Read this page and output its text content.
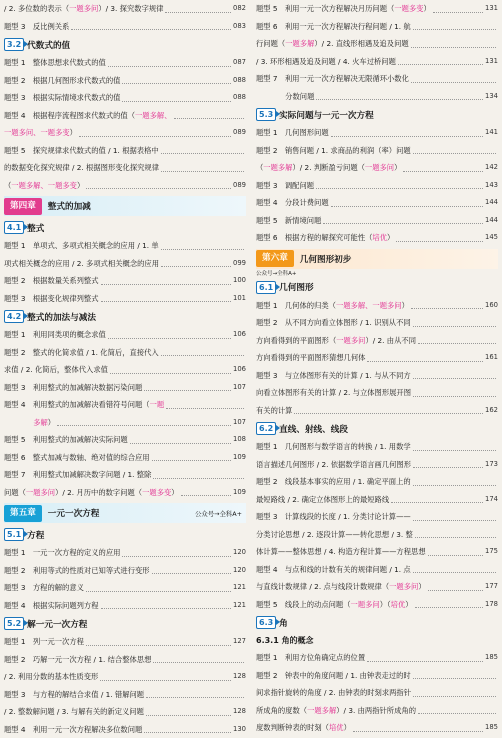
/ 2. 多位数的表示（一题多问）/ 3. 探究数字规律	082
题型 3　反比例关系	083
3.2 代数式的值
题型 1　整体思想求代数式的值	087
题型 2　根据几何图形求代数式的值	088
题型 3　根据实际情境求代数式的值	088
题型 4　根据程序流程图求代数式的值（一题多解、
一题多问、一题多变）	089
题型 5　探究规律求代数式的值 / 1. 根据表格中
的数据变化探究规律 / 2. 根据图形变化探究规律
（一题多解、一题多变）	089
第四章	整式的加减
4.1 整式
题型 1　单项式、多项式相关概念的应用 / 1. 单
项式相关概念的应用 / 2. 多项式相关概念的应用	099
题型 2　根据数量关系列整式	100
题型 3　根据变化规律列整式	101
4.2 整式的加法与减法
题型 1　利用同类项的概念求值	106
题型 2　整式的化简求值 / 1. 化简后，直接代入
求值 / 2. 化简后，整体代入求值	106
题型 3　利用整式的加减解决数据污染问题	107
题型 4　利用整式的加减解决看错符号问题（一题
　　　　多解）	107
题型 5　利用整式的加减解决实际问题	108
题型 6　整式加减与数轴、绝对值的综合应用	109
题型 7　利用整式加减解决数字问题 / 1. 整除
问题（一题多问）/ 2. 月历中的数字问题（一题多变）	109
第五章	一元一次方程	公众号→全科A+
5.1 方程
题型 1　一元一次方程的定义的应用	120
题型 2　利用等式的性质对已知等式进行变形	120
题型 3　方程的解的意义	121
题型 4　根据实际问题列方程	121
5.2 解一元一次方程
题型 1　列一元一次方程	127
题型 2　巧解一元一次方程 / 1. 结合整体思想
/ 2. 利用分数的基本性质变形	128
题型 3　与方程的解结合求值 / 1. 错解问题
/ 2. 整数解问题 / 3. 与解有关的新定义问题	128
题型 4　利用一元一次方程解决多位数问题	130
题型 5　利用一元一次方程解决月历问题（一题多变）	131
题型 6　利用一元一次方程解决行程问题 / 1. 航
行问题（一题多解）/ 2. 直线形相遇及追及问题
/ 3. 环形相遇及追及问题 / 4. 火车过桥问题	131
题型 7　利用一元一次方程解决无限循环小数化
　　　　分数问题	134
5.3 实际问题与一元一次方程
题型 1　几何图形问题	141
题型 2　销售问题 / 1. 求商品的利润（率）问题
（一题多解）/ 2. 判断盈亏问题（一题多问）	142
题型 3　调配问题	143
题型 4　分段计费问题	144
题型 5　新情境问题	144
题型 6　根据方程的解探究可能性（培优）	145
第六章	几何图形初步
公众号→全科A+
6.1 几何图形
题型 1　几何体的归类（一题多解、一题多问）	160
题型 2　从不同方向看立体图形 / 1. 识别从不同
方向看得到的平面图形（一题多问）/ 2. 由从不同
方向看得到的平面图形猜想几何体	161
题型 3　与立体图形有关的计算 / 1. 与从不同方
向看立体图形有关的计算 / 2. 与立体图形展开图
有关的计算	162
6.2 直线、射线、线段
题型 1　几何图形与数学语言的转换 / 1. 用数学
语言描述几何图形 / 2. 依据数学语言画几何图形	173
题型 2　线段基本事实的应用 / 1. 确定平面上的
最短路线 / 2. 确定立体图形上的最短路线	174
题型 3　计算线段的长度 / 1. 分类讨论计算——
分类讨论思想 / 2. 逐段计算——转化思想 / 3. 整
体计算——整体思想 / 4. 构造方程计算——方程思想	175
题型 4　与点和线的计数有关的规律问题 / 1. 点
与直线计数规律 / 2. 点与线段计数规律（一题多问）	177
题型 5　线段上的动点问题（一题多问）（培优）	178
6.3 角
6.3.1 角的概念
题型 1　利用方位角确定点的位置	185
题型 2　钟表中的角度问题 / 1. 由钟表走过的时
间求指针旋转的角度 / 2. 由钟表的时刻求两指针
所成角的度数（一题多解）/ 3. 由两指针所成角的
度数判断钟表的时刻（培优）	185
